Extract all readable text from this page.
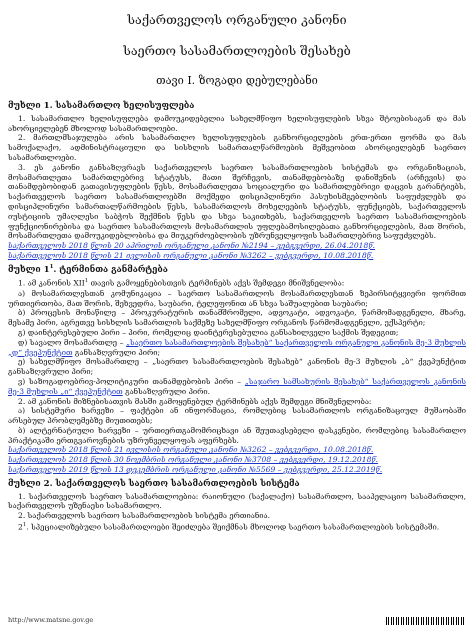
საქართველოს ორგანული კანონი
საერთო სასამართლოების შესახებ
თავი I. ზოგადი დებულებანი
მუხლი 1. სასამართლო ხელისუფლება

1. სასამართლო ხელისუფლება დამოუკიდებელია სახელმწიფო ხელისუფლების სხვა შტოებისაგან და მას ახორციელებენ მხოლოდ სასამართლოები.

2. მართლმსაჯულება არის სასამართლო ხელისუფლების განხორციელების ერთ-ერთი ფორმა და მას სამოქალაქო, ადმინისტრაციული და სისხლის სამართალწარმოების მეშვეობით ახორციელებენ საერთო სასამართლოები.

3. ეს კანონი განსაზღვრავს საქართველოს საერთო სასამართლოების სისტემას და ორგანიზაციას, მოსამართლეთა სამართლებრივ სტატუსს, მათი შერჩევის, თანამდებობაზე დანიშვნის (არჩევის) და თანამდებობიდან გათავისუფლების წესს, მოსამართლეთა სოციალური და სამართლებრივი დაცვის გარანტიებს, საქართველოს საერთო სასამართლოებში მოქმედი დისციპლინური პასუხისმგებლობის საფუძვლებს და დისციპლინური სამართალწარმოების წესს, სასამართლოს მოხელეების სტატუსს, ფუნქციებს, საქართველოს იუსტიციის უმაღლესი საბჭოს შექმნის წესს და სხვა საკითხებს, საქართველოს საერთო სასამართლოების ფუნქციონირებისა და საერთო სასამართლოს მოსამართლის უფლებამოსილებათა განხორციელების, მათ შორის, მოსამართლეთა დამოუკიდებლობისა და მიუკერძოებლობის უზრუნველყოფის სამართლებრივ საფუძვლებს.

საქართველოს 2018 წლის 20 აპრილის ორგანული კანონი №2194 – ვებგვერდი, 26.04.2018წ.
საქართველოს 2018 წლის 21 ივლისის ორგანული კანონი №3262 – ვებგვერდი, 10.08.2018წ.
მუხლი $1^1$. ტერმინთა განმარტება

1. ამ კანონის XII$^1$ თავის გამოყენებისთვის ტერმინებს აქვს შემდეგი მნიშვნელობა:

ა) მოსამართლესთან კომუნიკაცია – საერთო სასამართლოს მოსამართლესთან ზეპირსიტყვიერი ფორმით ურთიერთობა, მათ შორის, შეხვედრა, საუბარი, ტელეფონით ან სხვა საშუალებით საუბარი;

ბ) პროცესის მონაწილე – პროკურატურის თანამშრომელი, ადვოკატი, ადვოკატი, წარმომადგენელი, მხარე, მესამე პირი, აგრეთვე სისხლის სამართლის საქმეზე სახელმწიფო ორგანოს წარმომადგენელი, ექსპერტი;

გ) დაინტერესებული პირი – პირი, რომელიც დაინტერესებულია განსახილველი საქმის შედეგით;

დ) სავალო მოსამართლე – „საერთო სასამართლოების შესახებ“ საქართველოს ორგანული კანონის მე-3 მუხლის „დ“ ქვეპუნქტით განსაზღვრული პირი;

ე) სახელმწიფო მოსამართლე – „საერთო სასამართლოების შესახებ“ კანონის მე-3 მუხლის „ბ“ ქვეპუნქტით განსაზღვრული პირი;

ვ) საზოგადოებრივ-პოლიტიკური თანამდებობის პირი – „საჯარო სამსახურის შესახებ“ საქართველოს კანონის მე-3 მუხლის „ი“ ქვეპუნქტით განსაზღვრული პირი.

2. ამ კანონის მიზნებისათვის მასში გამოყენებულ ტერმინებს აქვს შემდეგი მნიშვნელობა:

ა) სისტემური ხარვეზი – ფაქტები ან ინფორმაცია, რომლებიც სასამართლოს ორგანიზაციულ მუშაობაში არსებულ პრობლემებზე მიუთითებს;

ბ) ალტერნატიული ხარვეზი – ურთიერთგამომრიცხავი ან შეუთავსებელი დასკვნები, რომლებიც სასამართლო პრაქტიკაში ერთგვაროვნების უზრუნველყოფას აფერხებს.

საქართველოს 2018 წლის 21 ივლისის ორგანული კანონი №3262 – ვებგვერდი, 10.08.2018წ.
საქართველოს 2018 წლის 30 ნოემბრის ორგანული კანონი №3708 – ვებგვერდი, 19.12.2018წ.
საქართველოს 2019 წლის 13 დეკემბრის ორგანული კანონი №5569 – ვებგვერდი, 25.12.2019წ.
მუხლი 2. საქართველოს საერთო სასამართლოების სისტემა

1. საქართველოს საერთო სასამართლოებია: რაიონული (საქალაქო) სასამართლო, სააპელაციო სასამართლო, საქართველოს უზენაესი სასამართლო.

2. საქართველოს საერთო სასამართლოების სისტემა ერთიანია.

$2^1$. სპეციალიზებული სასამართლოები შეიძლება შეიქმნას მხოლოდ საერთო სასამართლოების სისტემაში.

http://www.matsne.gov.ge
